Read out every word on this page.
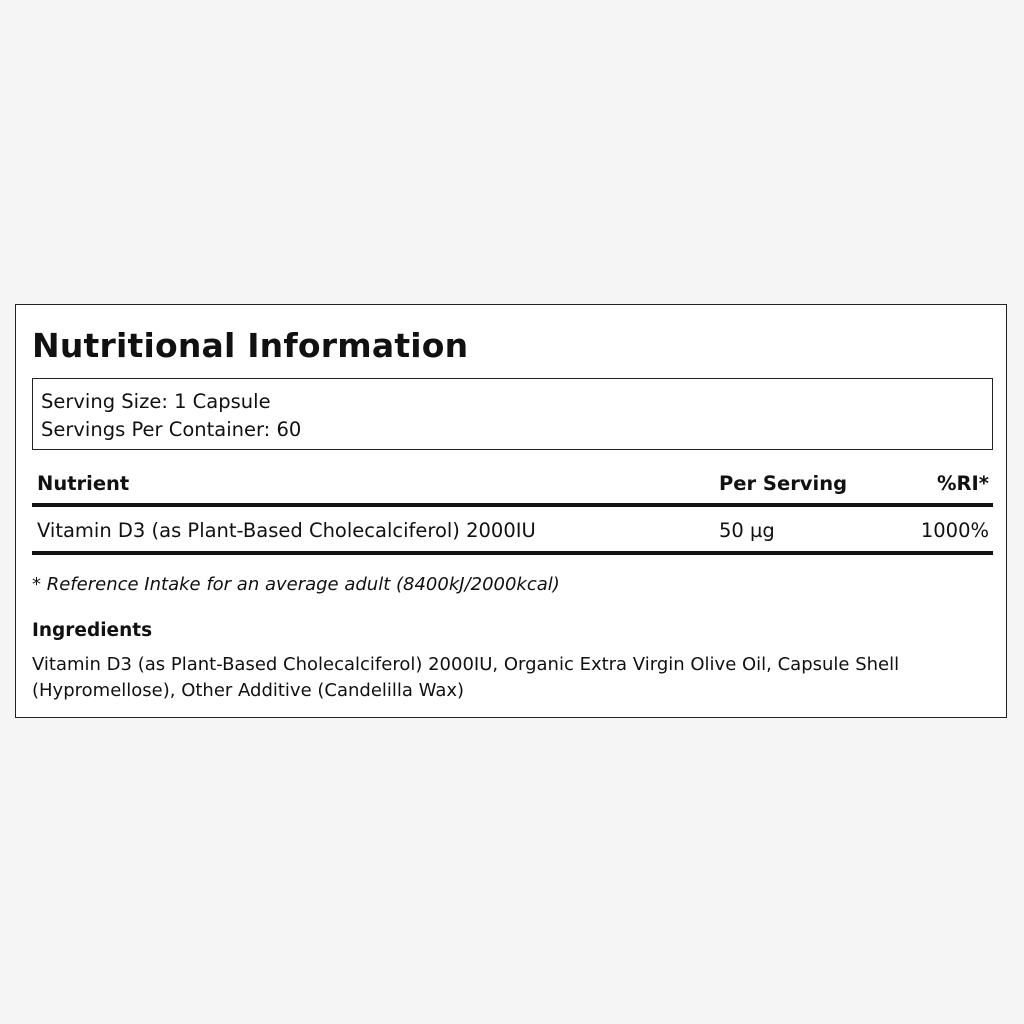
Nutritional Information
Serving Size: 1 Capsule
Servings Per Container: 60
Nutrient	Per Serving	%RI*
Vitamin D3 (as Plant-Based Cholecalciferol) 2000IU	50 µg	1000%
* Reference Intake for an average adult (8400kJ/2000kcal)
Ingredients

Vitamin D3 (as Plant-Based Cholecalciferol) 2000IU, Organic Extra Virgin Olive Oil, Capsule Shell (Hypromellose), Other Additive (Candelilla Wax)
